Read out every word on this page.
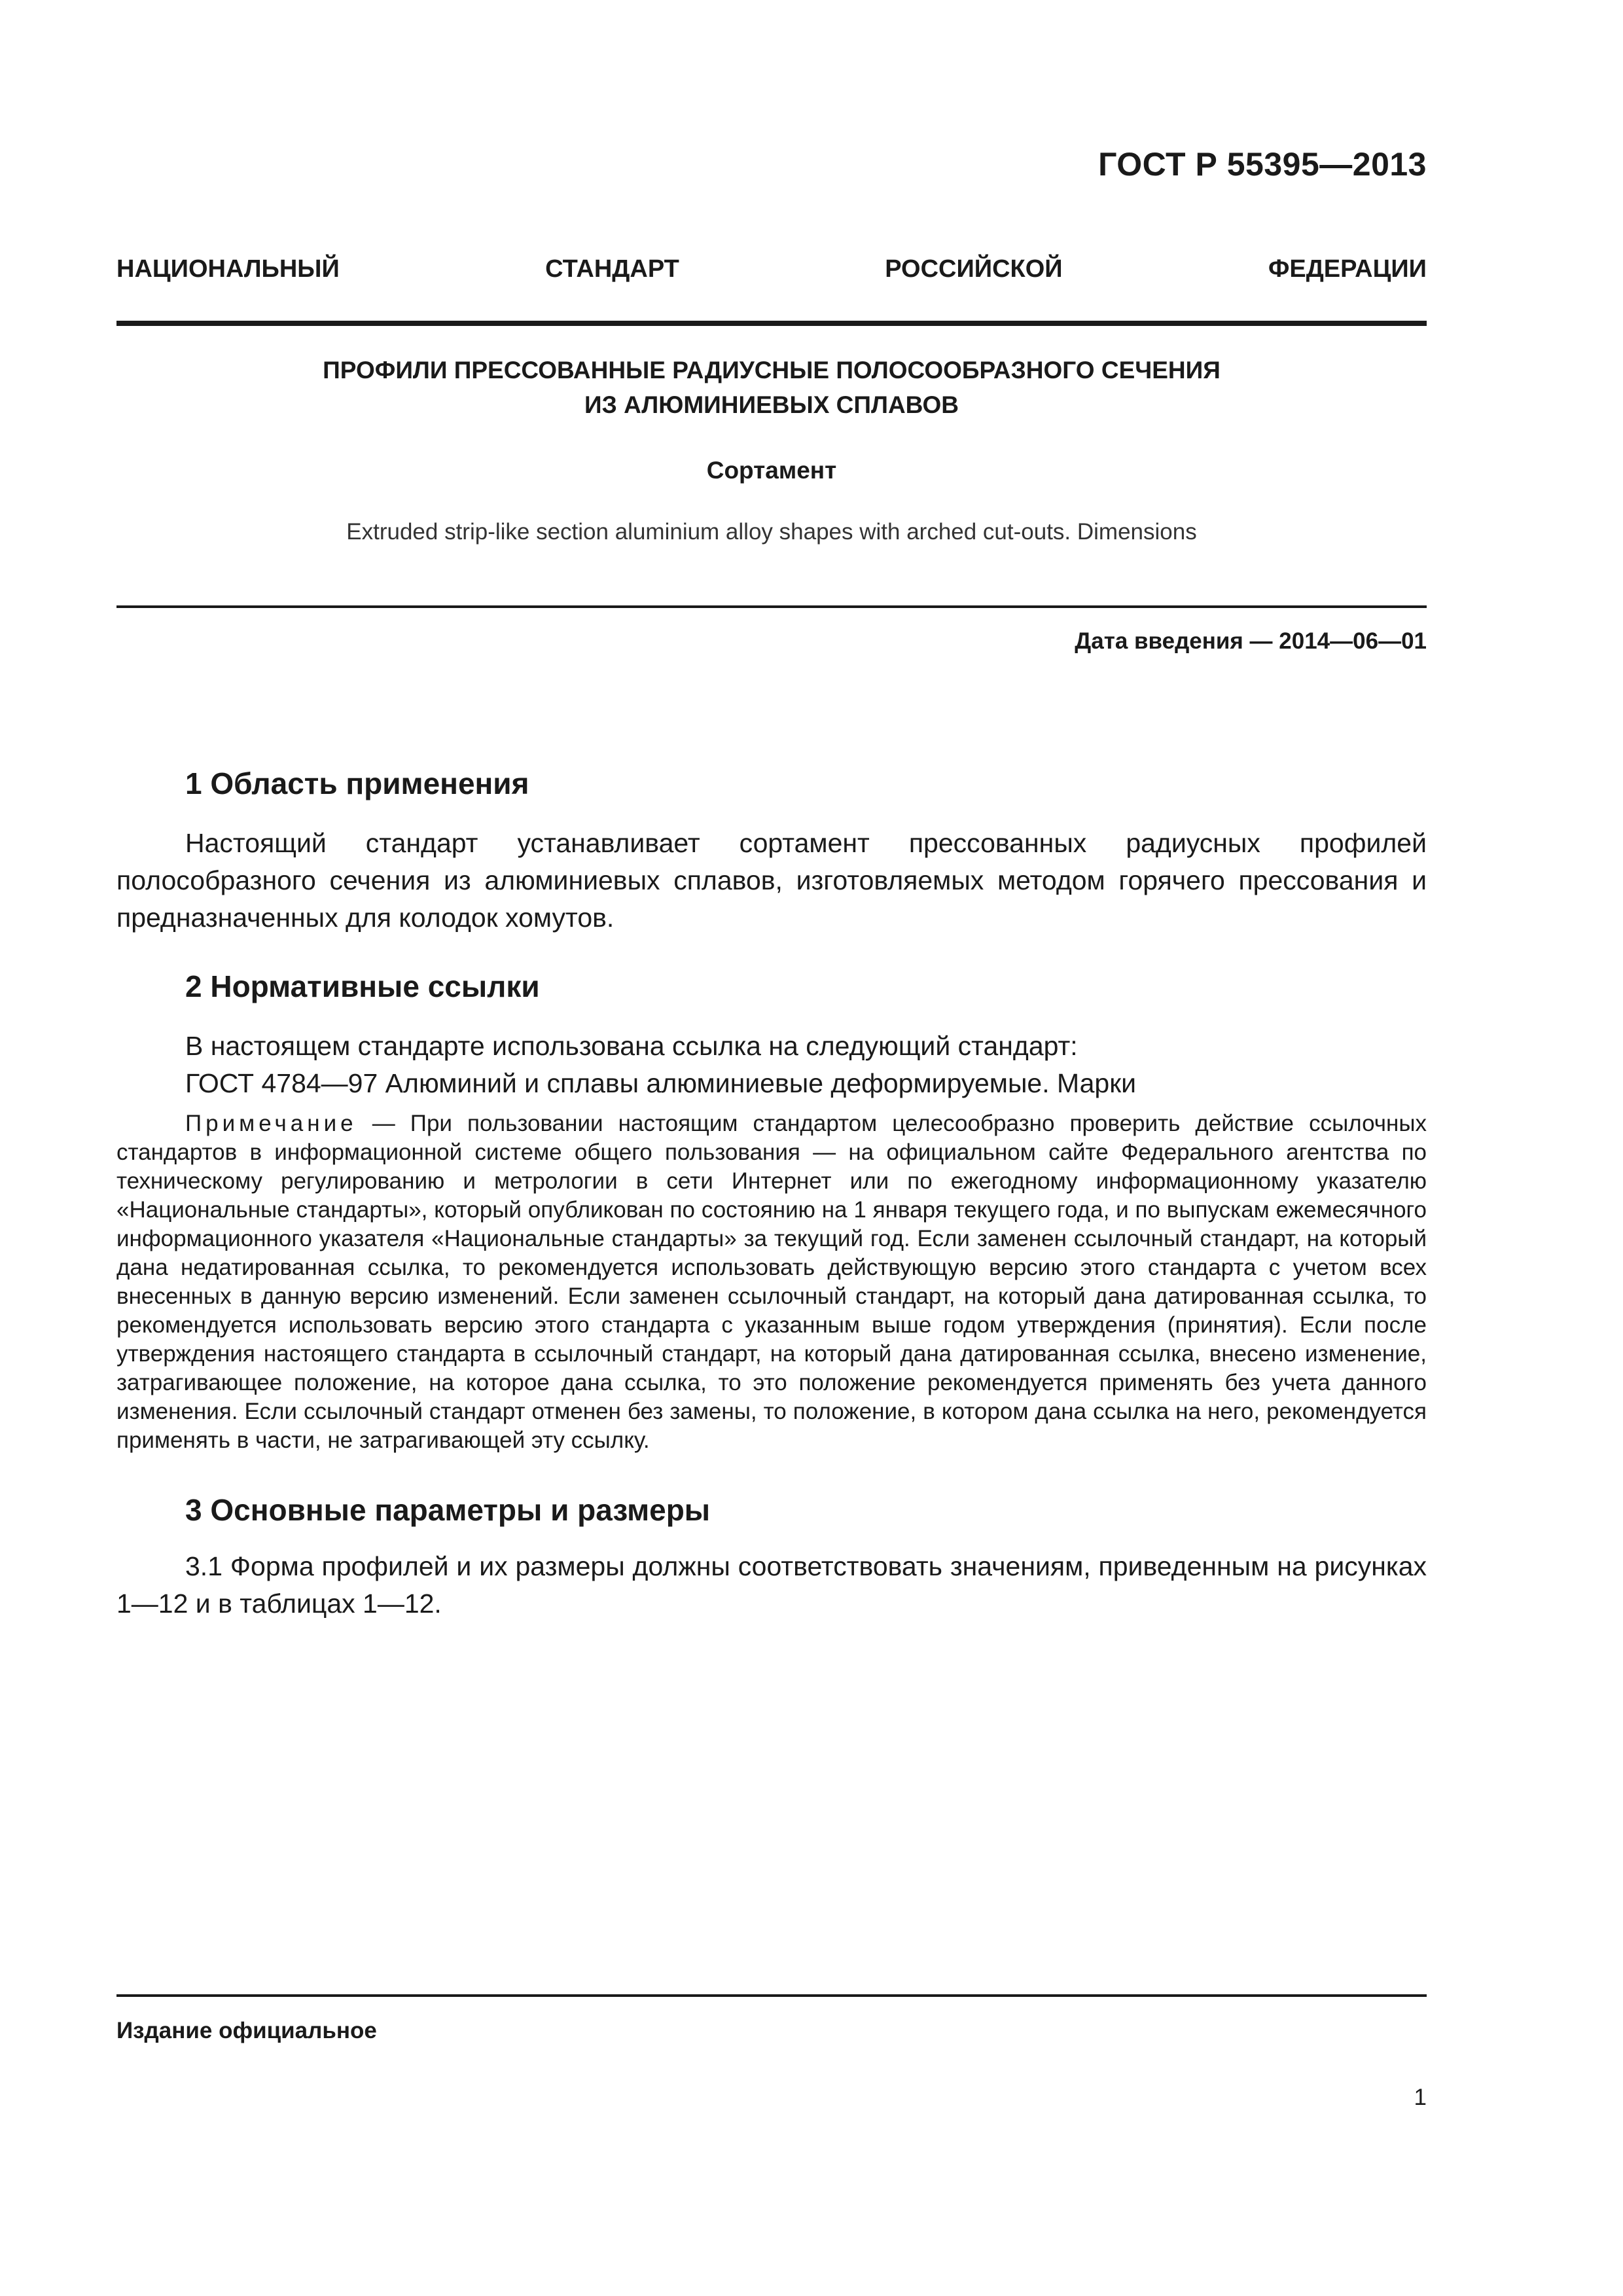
ГОСТ Р 55395—2013
НАЦИОНАЛЬНЫЙ	СТАНДАРТ	РОССИЙСКОЙ	ФЕДЕРАЦИИ
ПРОФИЛИ ПРЕССОВАННЫЕ РАДИУСНЫЕ ПОЛОСООБРАЗНОГО СЕЧЕНИЯ
ИЗ АЛЮМИНИЕВЫХ СПЛАВОВ
Сортамент
Extruded strip-like section aluminium alloy shapes with arched cut-outs. Dimensions
Дата введения — 2014—06—01
1 Область применения
Настоящий стандарт устанавливает сортамент прессованных радиусных профилей полособразного сечения из алюминиевых сплавов, изготовляемых методом горячего прессования и предназначенных для колодок хомутов.
2 Нормативные ссылки
В настоящем стандарте использована ссылка на следующий стандарт:
ГОСТ 4784—97 Алюминий и сплавы алюминиевые деформируемые. Марки
Примечание — При пользовании настоящим стандартом целесообразно проверить действие ссылочных стандартов в информационной системе общего пользования — на официальном сайте Федерального агентства по техническому регулированию и метрологии в сети Интернет или по ежегодному информационному указателю «Национальные стандарты», который опубликован по состоянию на 1 января текущего года, и по выпускам ежемесячного информационного указателя «Национальные стандарты» за текущий год. Если заменен ссылочный стандарт, на который дана недатированная ссылка, то рекомендуется использовать действующую версию этого стандарта с учетом всех внесенных в данную версию изменений. Если заменен ссылочный стандарт, на который дана датированная ссылка, то рекомендуется использовать версию этого стандарта с указанным выше годом утверждения (принятия). Если после утверждения настоящего стандарта в ссылочный стандарт, на который дана датированная ссылка, внесено изменение, затрагивающее положение, на которое дана ссылка, то это положение рекомендуется применять без учета данного изменения. Если ссылочный стандарт отменен без замены, то положение, в котором дана ссылка на него, рекомендуется применять в части, не затрагивающей эту ссылку.
3 Основные параметры и размеры
3.1 Форма профилей и их размеры должны соответствовать значениям, приведенным на рисунках 1—12 и в таблицах 1—12.
Издание официальное
1
